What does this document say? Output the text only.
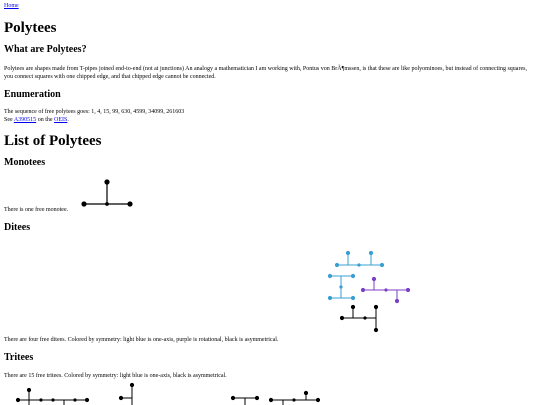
Home
Polytees
What are Polytees?
Polytees are shapes made from T-pipes joined end-to-end (not at junctions) An analogy a mathematician I am working with, Pontus von BrÃ¶mssen, is that these are like polyominoes, but instead of connecting squares, you connect squares with one chipped edge, and that chipped edge cannot be connected.
Enumeration
The sequence of free polytees goes: 1, 4, 15, 99, 630, 4599, 34099, 261603
See A390515 on the OEIS.
List of Polytees
Monotees
There is one free monotee.
Ditees
There are four free ditees. Colored by symmetry: light blue is one-axis, purple is rotational, black is asymmetrical.
Tritees
There are 15 free tritees. Colored by symmetry: light blue is one-axis, black is asymmetrical.
